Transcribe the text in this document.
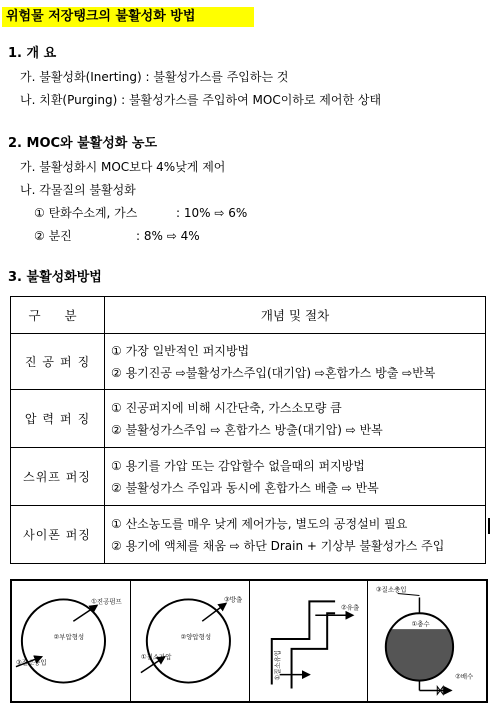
위험물 저장탱크의 불활성화 방법
1. 개 요
가. 불활성화(Inerting) : 불활성가스를 주입하는 것
나. 치환(Purging) : 불활성가스를 주입하여 MOC이하로 제어한 상태
2. MOC와 불활성화 농도
가. 불활성화시 MOC보다 4%낮게 제어
나. 각물질의 불활성화
① 탄화수소계, 가스	: 10% ⇨ 6%
② 분진	: 8% ⇨ 4%
3. 불활성화방법
구 분	개념 및 절차
진공퍼징	① 가장 일반적인 퍼지방법
② 용기진공 ⇨불활성가스주입(대기압) ⇨혼합가스 방출 ⇨반복

압력퍼징	① 진공퍼지에 비해 시간단축, 가스소모량 큼
② 불활성가스주입 ⇨ 혼합가스 방출(대기압) ⇨ 반복

스위프 퍼징	① 용기를 가압 또는 감압할수 없을때의 퍼지방법
② 불활성가스 주입과 동시에 혼합가스 배출 ⇨ 반복

사이폰 퍼징	① 산소농도를 매우 낮게 제어가능, 별도의 공정설비 필요
② 용기에 액체를 채움 ⇨ 하단 Drain + 기상부 불활성가스 주입
①진공펌프
②부압형성
③질소충입
③방출
②양압형성
①질소가압
②유출
①질소유입
③질소충입
①충수
②배수
